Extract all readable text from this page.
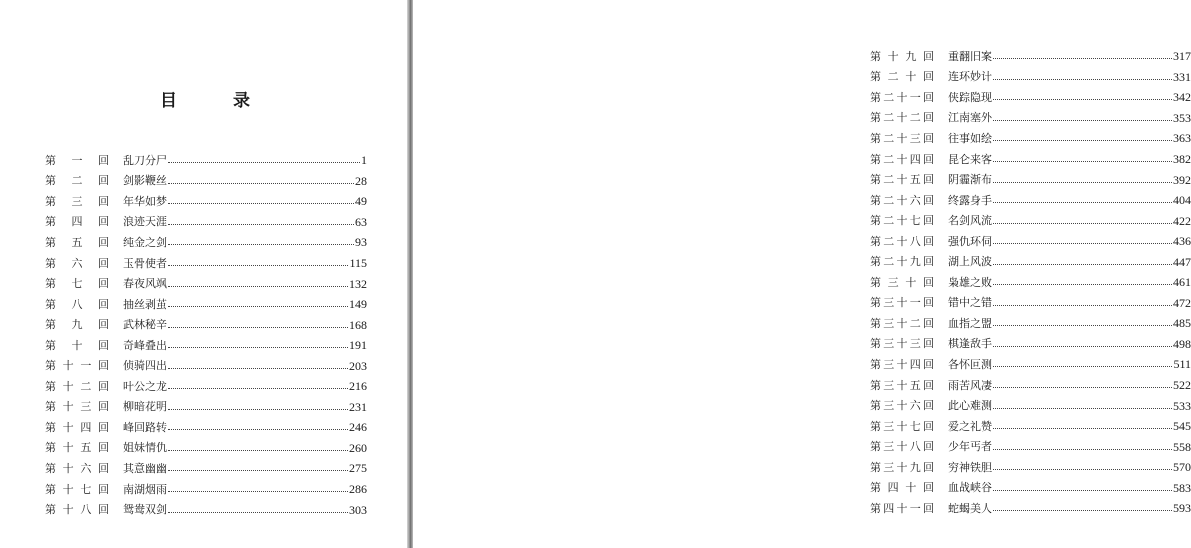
目	录
第 一 回 乱刀分尸	1
第 二 回 剑影鞭丝	28
第 三 回 年华如梦	49
第 四 回 浪迹天涯	63
第 五 回 纯金之剑	93
第 六 回 玉骨使者	115
第 七 回 春夜风飒	132
第 八 回 抽丝剥茧	149
第 九 回 武林秘辛	168
第 十 回 奇峰叠出	191
第 十 一 回 侦骑四出	203
第 十 二 回 叶公之龙	216
第 十 三 回 柳暗花明	231
第 十 四 回 峰回路转	246
第 十 五 回 姐妹情仇	260
第 十 六 回 其意幽幽	275
第 十 七 回 南湖烟雨	286
第 十 八 回 鸳鸯双剑	303
第 十 九 回 重翻旧案	317
第 二 十 回 连环妙计	331
第 二 十 一 回 侠踪隐现	342
第 二 十 二 回 江南塞外	353
第 二 十 三 回 往事如绘	363
第 二 十 四 回 昆仑来客	382
第 二 十 五 回 阴霾渐布	392
第 二 十 六 回 终露身手	404
第 二 十 七 回 名剑风流	422
第 二 十 八 回 强仇环伺	436
第 二 十 九 回 湖上风波	447
第 三 十 回 枭雄之败	461
第 三 十 一 回 错中之错	472
第 三 十 二 回 血指之盟	485
第 三 十 三 回 棋逢敌手	498
第 三 十 四 回 各怀叵测	511
第 三 十 五 回 雨苦风凄	522
第 三 十 六 回 此心难测	533
第 三 十 七 回 爱之礼赞	545
第 三 十 八 回 少年丐者	558
第 三 十 九 回 穷神铁胆	570
第 四 十 回 血战峡谷	583
第 四 十 一 回 蛇蝎美人	593
